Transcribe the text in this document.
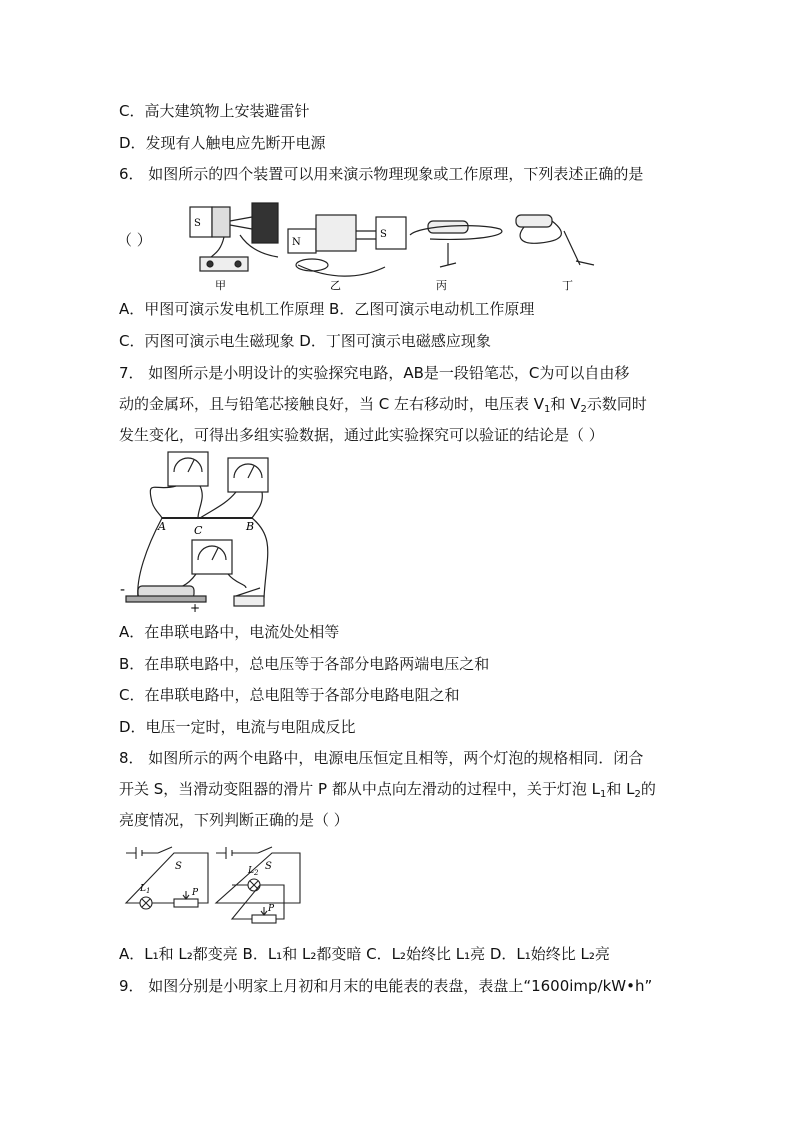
C．高大建筑物上安装避雷针
D．发现有人触电应先断开电源
6． 如图所示的四个装置可以用来演示物理现象或工作原理，下列表述正确的是
（ ）
S
甲
N
S
乙	丙	丁
A．甲图可演示发电机工作原理 B．乙图可演示电动机工作原理
C．丙图可演示电生磁现象 D．丁图可演示电磁感应现象
7． 如图所示是小明设计的实验探究电路，AB是一段铅笔芯，C为可以自由移
动的金属环，且与铅笔芯接触良好，当 C 左右移动时，电压表 $V_1$和 $V_2$示数同时
发生变化，可得出多组实验数据，通过此实验探究可以验证的结论是（ ）
A	C	B
-
+
A．在串联电路中，电流处处相等
B．在串联电路中，总电压等于各部分电路两端电压之和
C．在串联电路中，总电阻等于各部分电路电阻之和
D．电压一定时，电流与电阻成反比
8． 如图所示的两个电路中，电源电压恒定且相等，两个灯泡的规格相同．闭合
开关 S，当滑动变阻器的滑片 P 都从中点向左滑动的过程中，关于灯泡 $L_1$和 $L_2$的
亮度情况，下列判断正确的是（ ）
S	S
$L_1$
$L_2$
P
P
A．L₁和 L₂都变亮 B．L₁和 L₂都变暗 C．L₂始终比 L₁亮 D．L₁始终比 L₂亮
9． 如图分别是小明家上月初和月末的电能表的表盘，表盘上“1600imp/kW•h”
